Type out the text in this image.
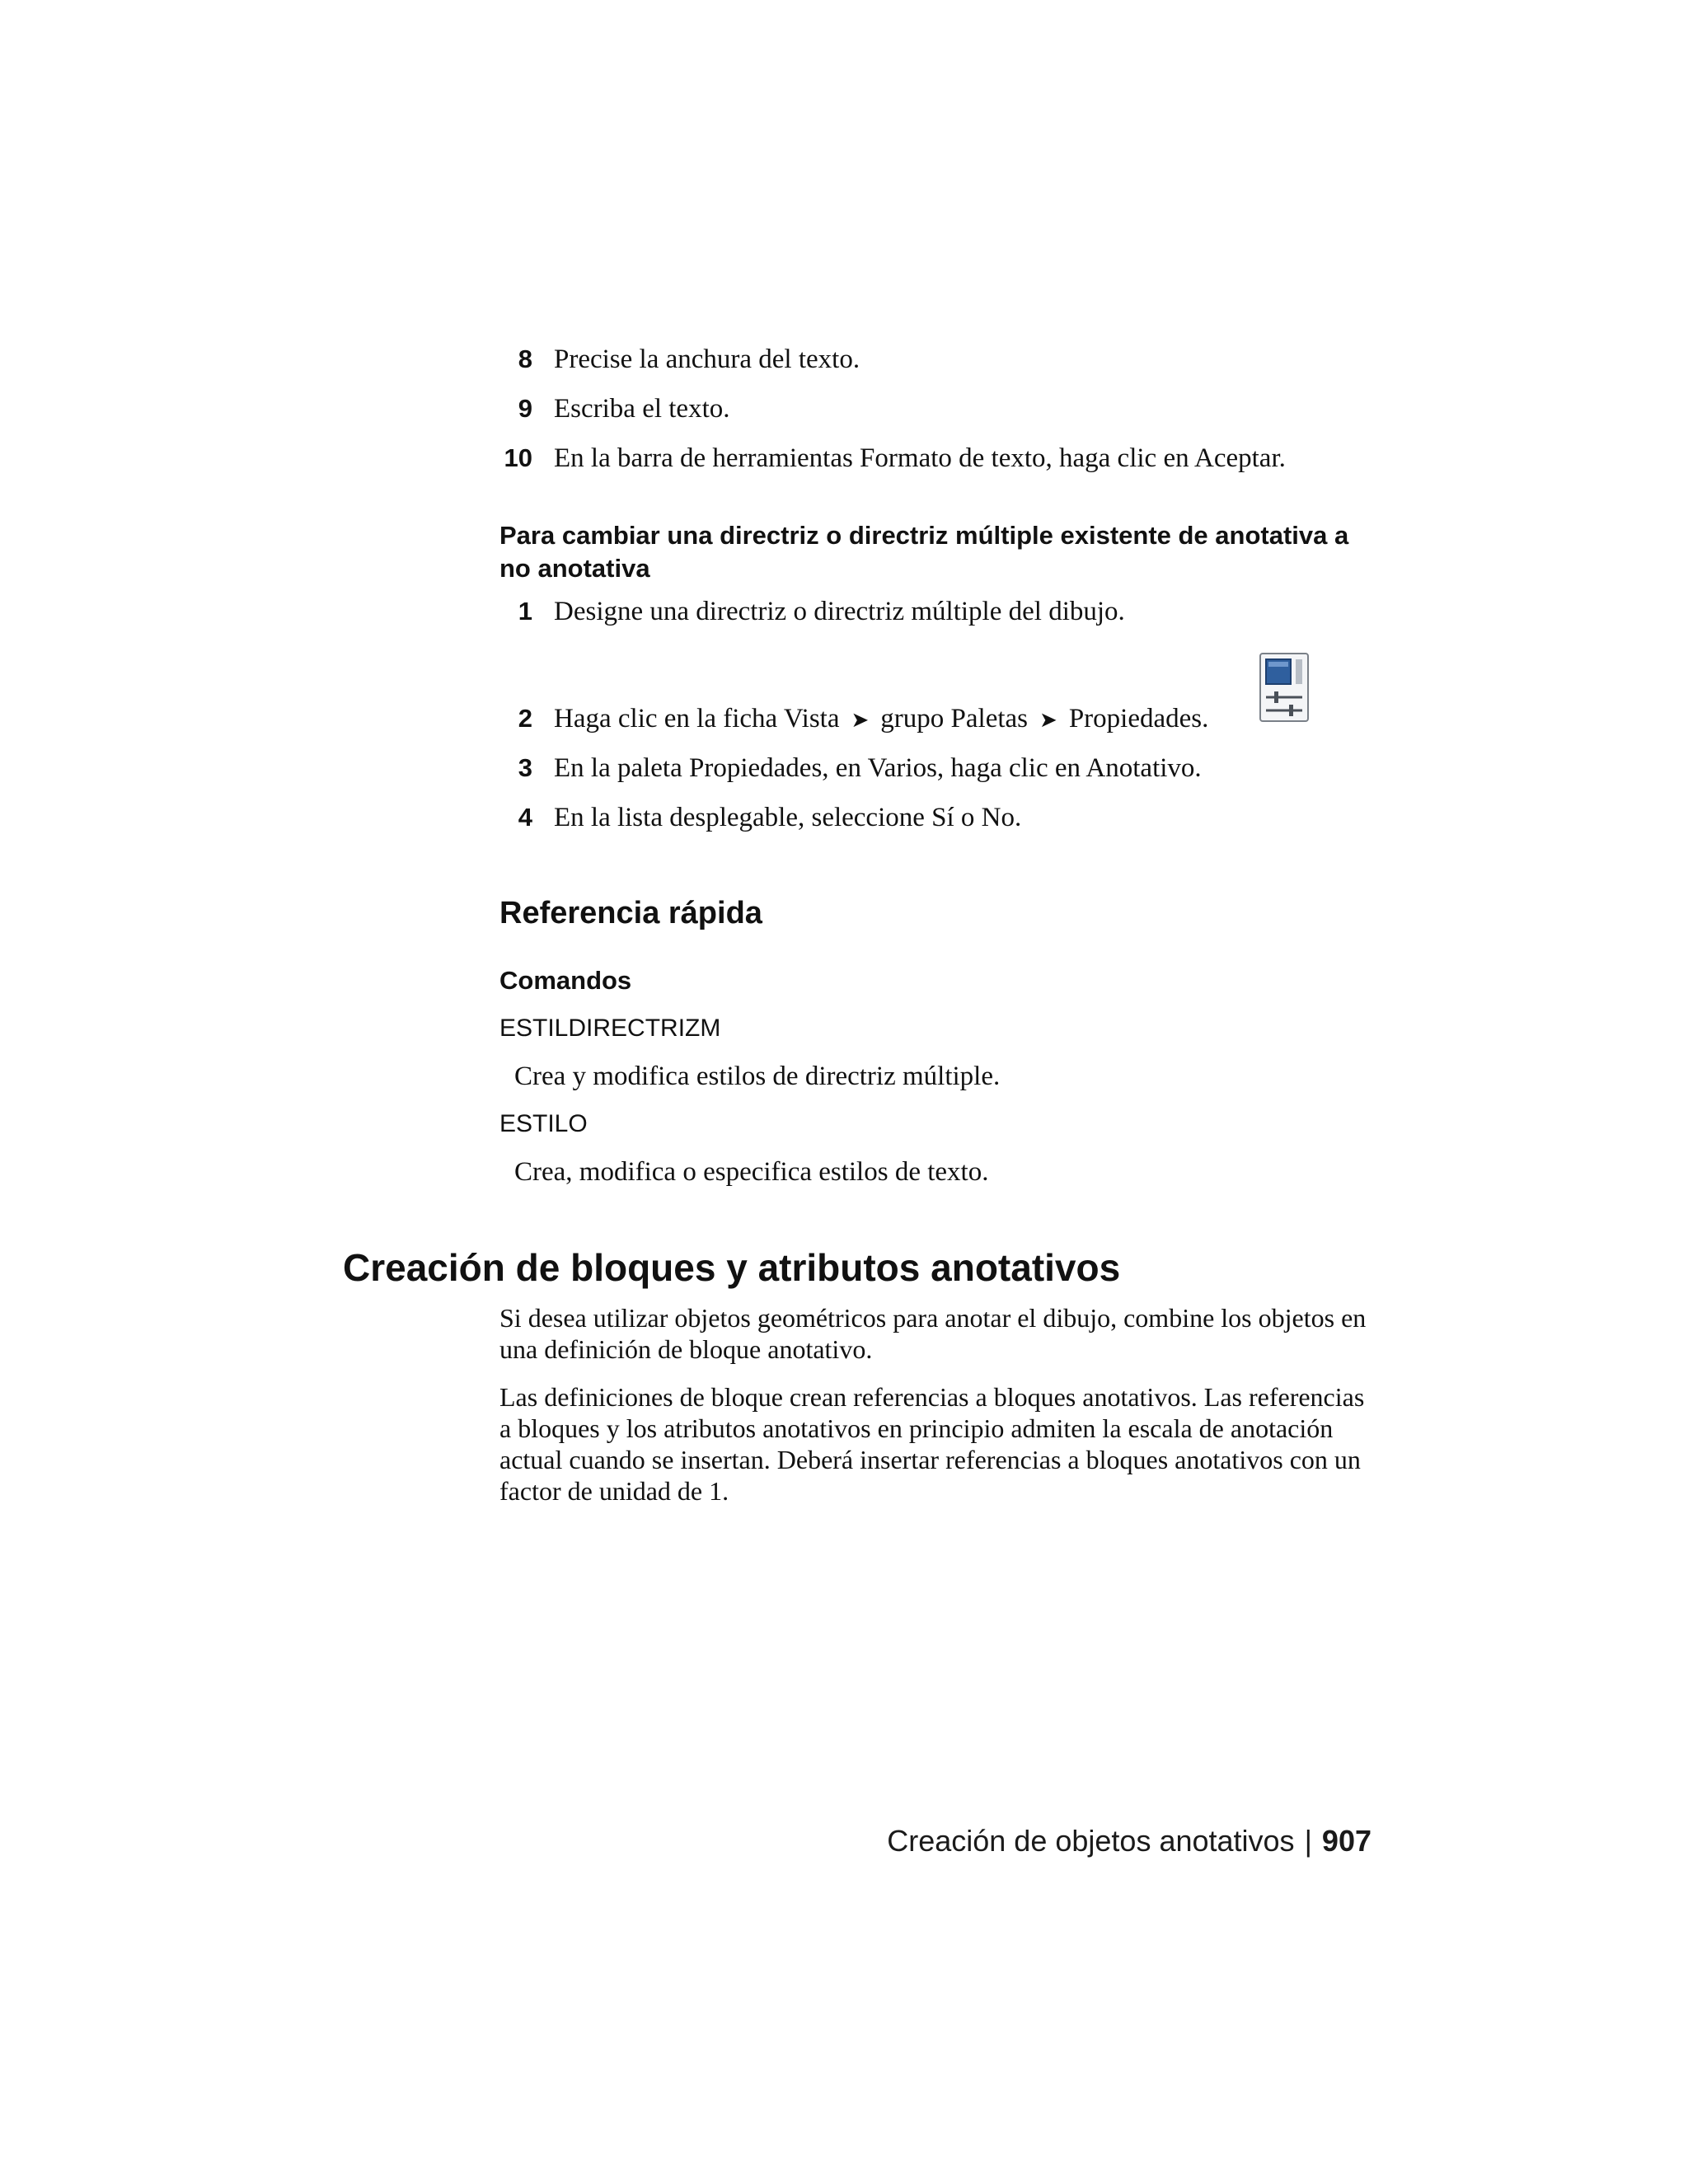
8 Precise la anchura del texto.
9 Escriba el texto.
10 En la barra de herramientas Formato de texto, haga clic en Aceptar.
Para cambiar una directriz o directriz múltiple existente de anotativa a no anotativa
1 Designe una directriz o directriz múltiple del dibujo.
2 Haga clic en la ficha Vista ➤ grupo Paletas ➤ Propiedades.
3 En la paleta Propiedades, en Varios, haga clic en Anotativo.
4 En la lista desplegable, seleccione Sí o No.
Referencia rápida
Comandos
ESTILDIRECTRIZM
Crea y modifica estilos de directriz múltiple.
ESTILO
Crea, modifica o especifica estilos de texto.
Creación de bloques y atributos anotativos
Si desea utilizar objetos geométricos para anotar el dibujo, combine los objetos en una definición de bloque anotativo.
Las definiciones de bloque crean referencias a bloques anotativos. Las referencias a bloques y los atributos anotativos en principio admiten la escala de anotación actual cuando se insertan. Deberá insertar referencias a bloques anotativos con un factor de unidad de 1.
Creación de objetos anotativos | 907
